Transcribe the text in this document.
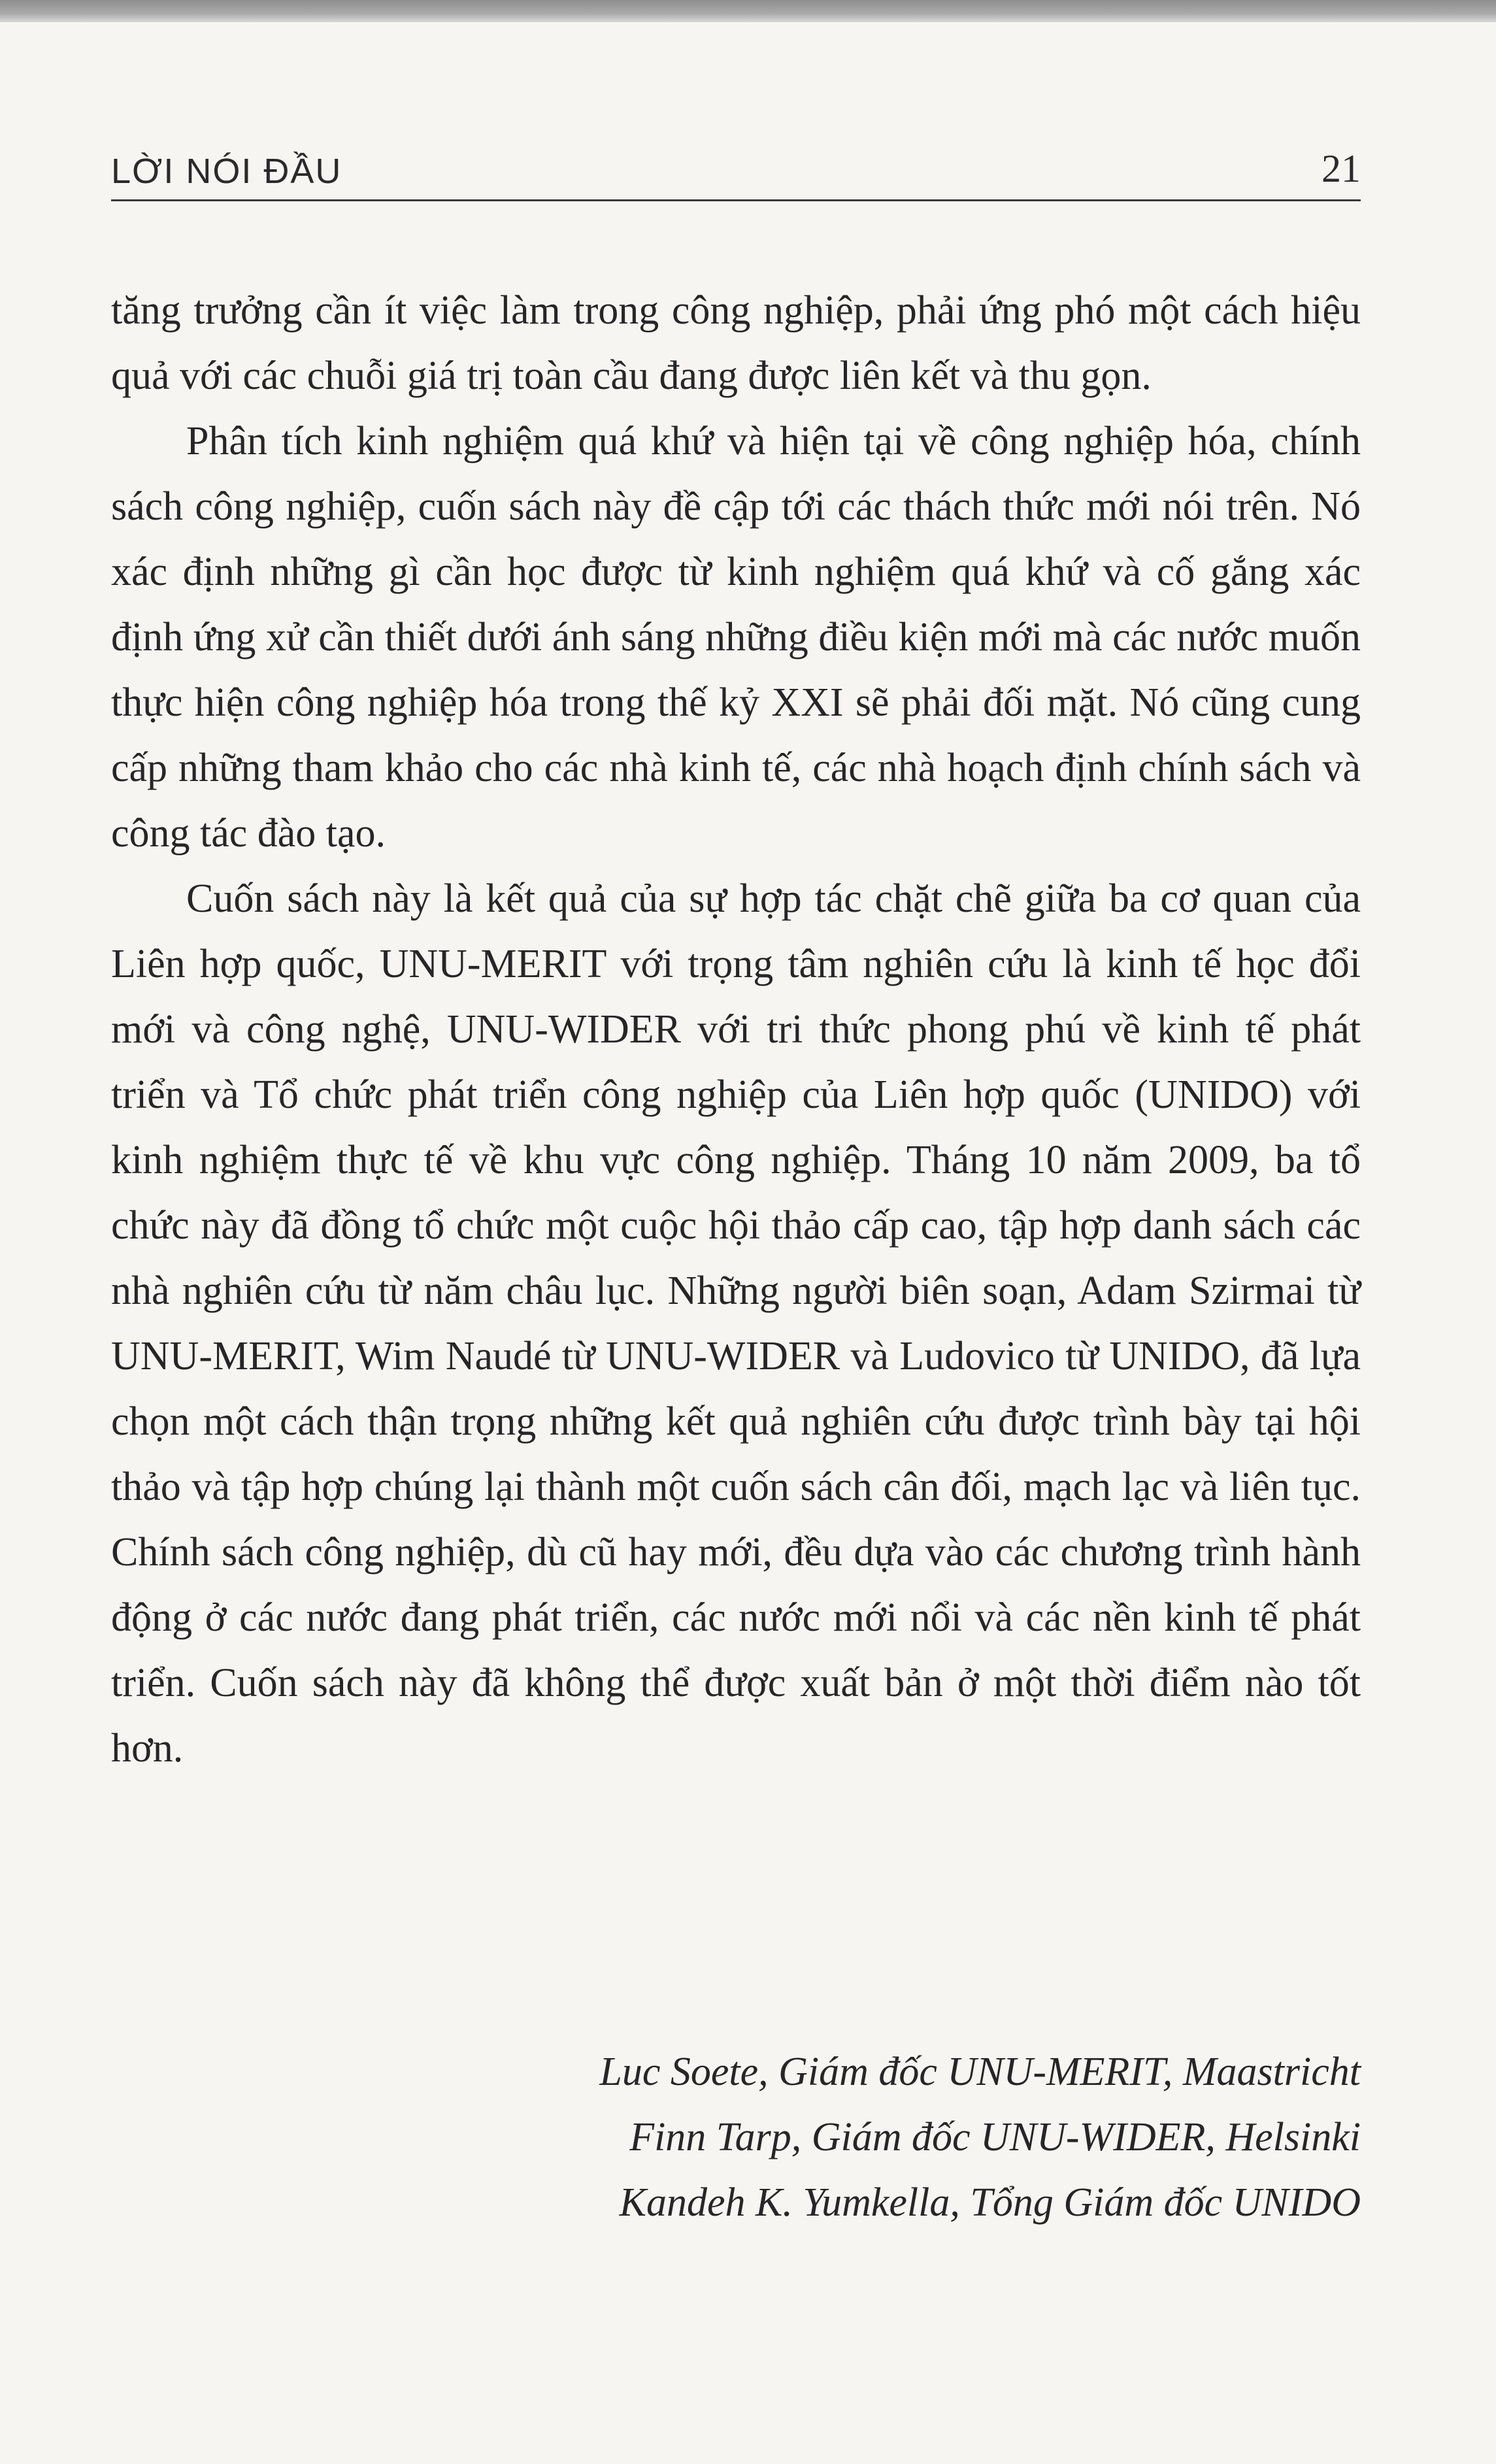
LỜI NÓI ĐẦU	21

tăng trưởng cần ít việc làm trong công nghiệp, phải ứng phó một cách hiệu quả với các chuỗi giá trị toàn cầu đang được liên kết và thu gọn.

Phân tích kinh nghiệm quá khứ và hiện tại về công nghiệp hóa, chính sách công nghiệp, cuốn sách này đề cập tới các thách thức mới nói trên. Nó xác định những gì cần học được từ kinh nghiệm quá khứ và cố gắng xác định ứng xử cần thiết dưới ánh sáng những điều kiện mới mà các nước muốn thực hiện công nghiệp hóa trong thế kỷ XXI sẽ phải đối mặt. Nó cũng cung cấp những tham khảo cho các nhà kinh tế, các nhà hoạch định chính sách và công tác đào tạo.

Cuốn sách này là kết quả của sự hợp tác chặt chẽ giữa ba cơ quan của Liên hợp quốc, UNU-MERIT với trọng tâm nghiên cứu là kinh tế học đổi mới và công nghệ, UNU-WIDER với tri thức phong phú về kinh tế phát triển và Tổ chức phát triển công nghiệp của Liên hợp quốc (UNIDO) với kinh nghiệm thực tế về khu vực công nghiệp. Tháng 10 năm 2009, ba tổ chức này đã đồng tổ chức một cuộc hội thảo cấp cao, tập hợp danh sách các nhà nghiên cứu từ năm châu lục. Những người biên soạn, Adam Szirmai từ UNU-MERIT, Wim Naudé từ UNU-WIDER và Ludovico từ UNIDO, đã lựa chọn một cách thận trọng những kết quả nghiên cứu được trình bày tại hội thảo và tập hợp chúng lại thành một cuốn sách cân đối, mạch lạc và liên tục. Chính sách công nghiệp, dù cũ hay mới, đều dựa vào các chương trình hành động ở các nước đang phát triển, các nước mới nổi và các nền kinh tế phát triển. Cuốn sách này đã không thể được xuất bản ở một thời điểm nào tốt hơn.

Luc Soete, Giám đốc UNU-MERIT, Maastricht
Finn Tarp, Giám đốc UNU-WIDER, Helsinki
Kandeh K. Yumkella, Tổng Giám đốc UNIDO
